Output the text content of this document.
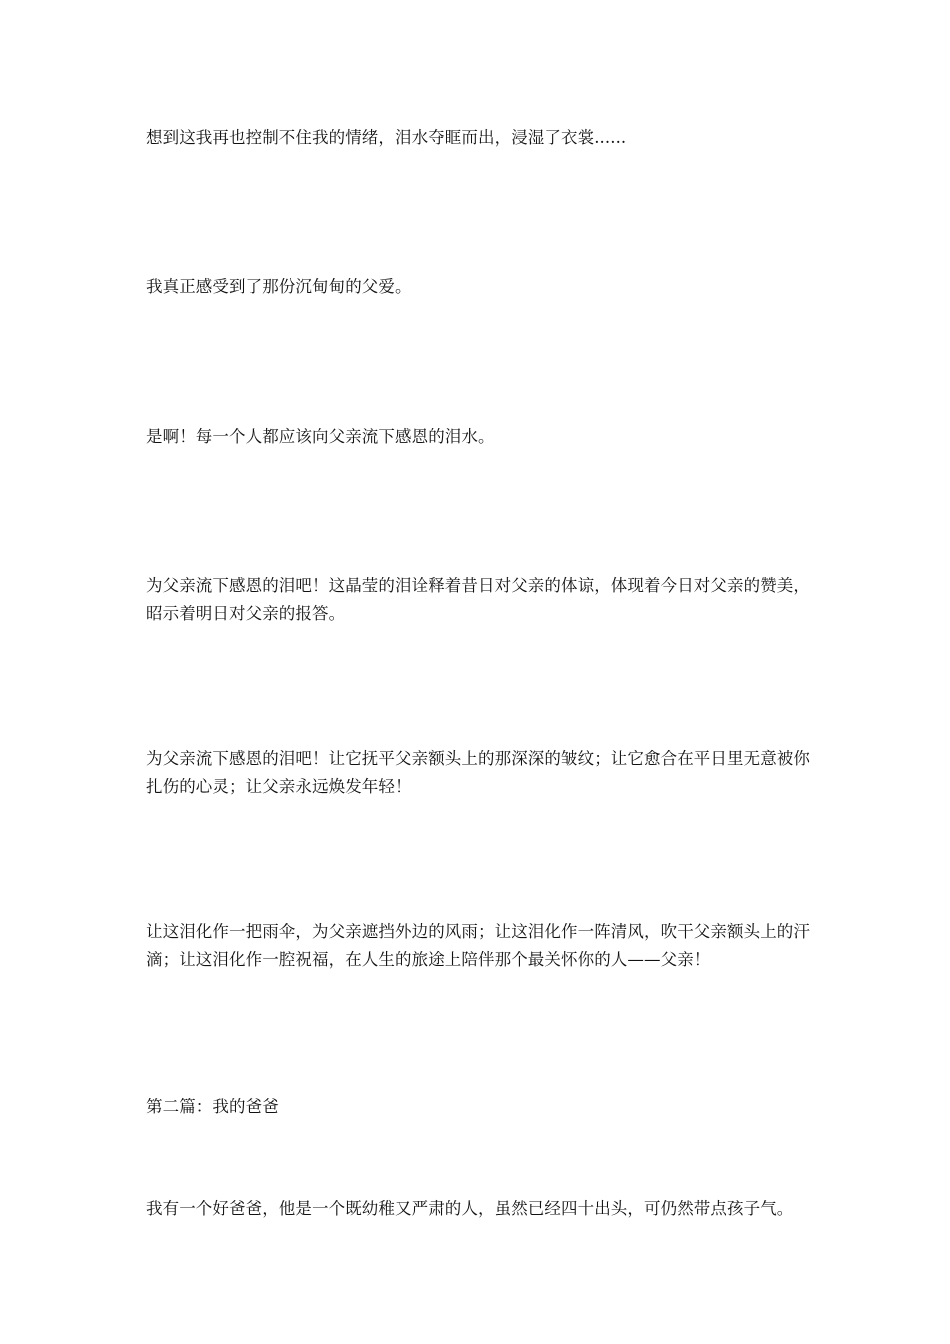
想到这我再也控制不住我的情绪，泪水夺眶而出，浸湿了衣裳......

我真正感受到了那份沉甸甸的父爱。

是啊！每一个人都应该向父亲流下感恩的泪水。

为父亲流下感恩的泪吧！这晶莹的泪诠释着昔日对父亲的体谅，体现着今日对父亲的赞美，昭示着明日对父亲的报答。

为父亲流下感恩的泪吧！让它抚平父亲额头上的那深深的皱纹；让它愈合在平日里无意被你扎伤的心灵；让父亲永远焕发年轻！

让这泪化作一把雨伞，为父亲遮挡外边的风雨；让这泪化作一阵清风，吹干父亲额头上的汗滴；让这泪化作一腔祝福，在人生的旅途上陪伴那个最关怀你的人——父亲！

第二篇：我的爸爸

我有一个好爸爸，他是一个既幼稚又严肃的人，虽然已经四十出头，可仍然带点孩子气。
